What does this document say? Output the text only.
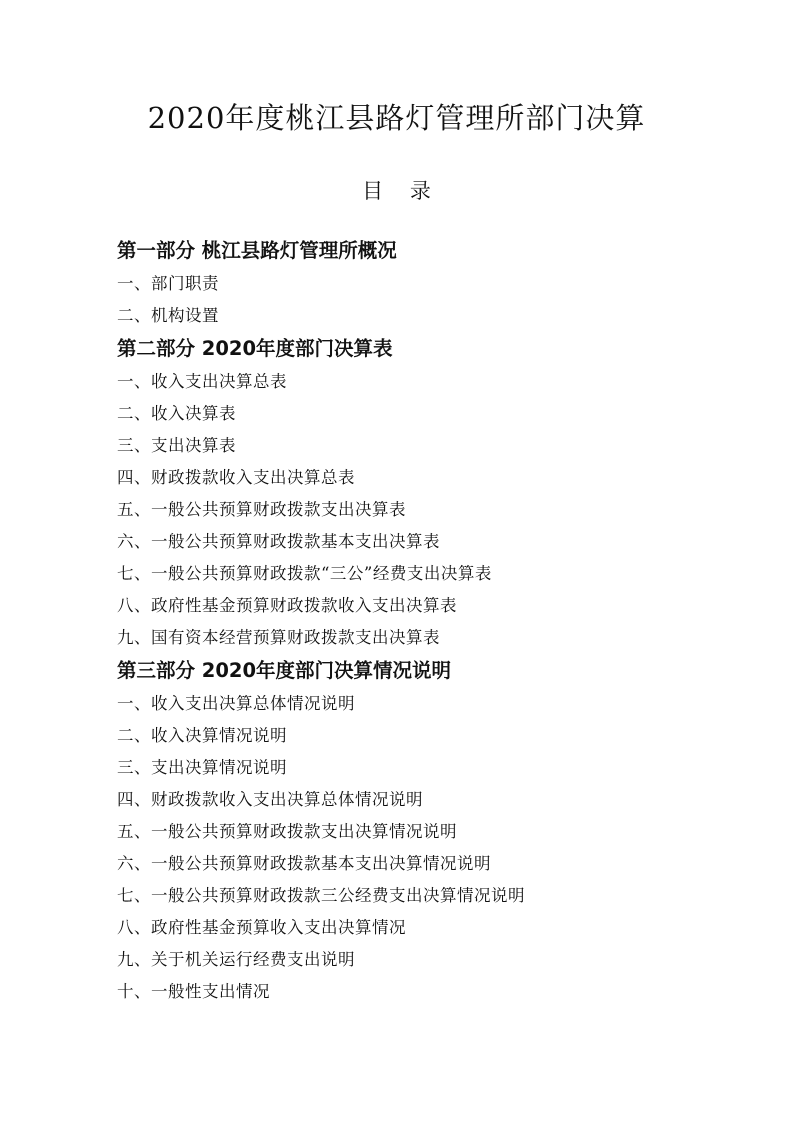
2020年度桃江县路灯管理所部门决算
目 录
第一部分 桃江县路灯管理所概况
一、部门职责
二、机构设置
第二部分 2020年度部门决算表
一、收入支出决算总表
二、收入决算表
三、支出决算表
四、财政拨款收入支出决算总表
五、一般公共预算财政拨款支出决算表
六、一般公共预算财政拨款基本支出决算表
七、一般公共预算财政拨款“三公”经费支出决算表
八、政府性基金预算财政拨款收入支出决算表
九、国有资本经营预算财政拨款支出决算表
第三部分 2020年度部门决算情况说明
一、收入支出决算总体情况说明
二、收入决算情况说明
三、支出决算情况说明
四、财政拨款收入支出决算总体情况说明
五、一般公共预算财政拨款支出决算情况说明
六、一般公共预算财政拨款基本支出决算情况说明
七、一般公共预算财政拨款三公经费支出决算情况说明
八、政府性基金预算收入支出决算情况
九、关于机关运行经费支出说明
十、一般性支出情况
